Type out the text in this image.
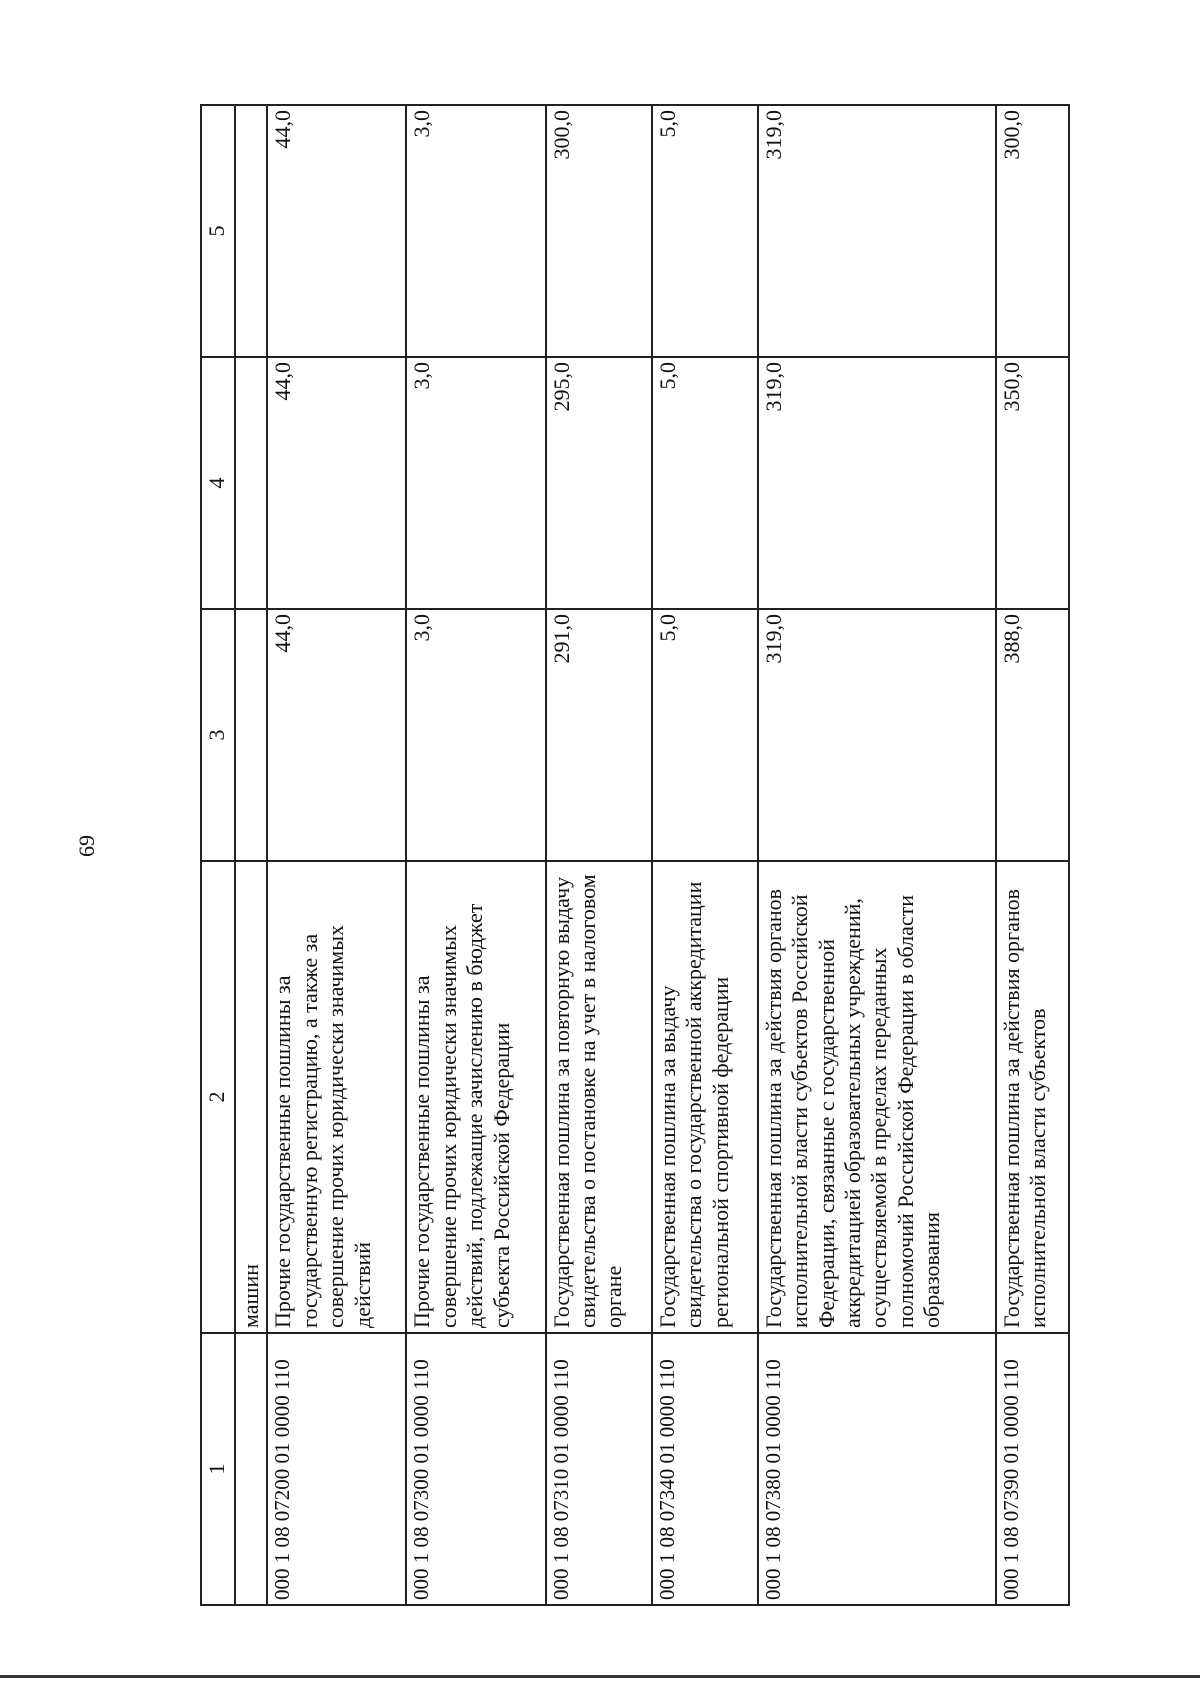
69
1	2	3	4	5
	машин			
000 1 08 07200 01 0000 110	Прочие государственные пошлины за государственную регистрацию, а также за совершение прочих юридически значимых действий	44,0	44,0	44,0
000 1 08 07300 01 0000 110	Прочие государственные пошлины за совершение прочих юридически значимых действий, подлежащие зачислению в бюджет субъекта Российской Федерации	3,0	3,0	3,0
000 1 08 07310 01 0000 110	Государственная пошлина за повторную выдачу свидетельства о постановке на учет в налоговом органе	291,0	295,0	300,0
000 1 08 07340 01 0000 110	Государственная пошлина за выдачу свидетельства о государственной аккредитации региональной спортивной федерации	5,0	5,0	5,0
000 1 08 07380 01 0000 110	Государственная пошлина за действия органов исполнительной власти субъектов Российской Федерации, связанные с государственной аккредитацией образовательных учреждений, осуществляемой в пределах переданных полномочий Российской Федерации в области образования	319,0	319,0	319,0
000 1 08 07390 01 0000 110	Государственная пошлина за действия органов исполнительной власти субъектов	388,0	350,0	300,0
